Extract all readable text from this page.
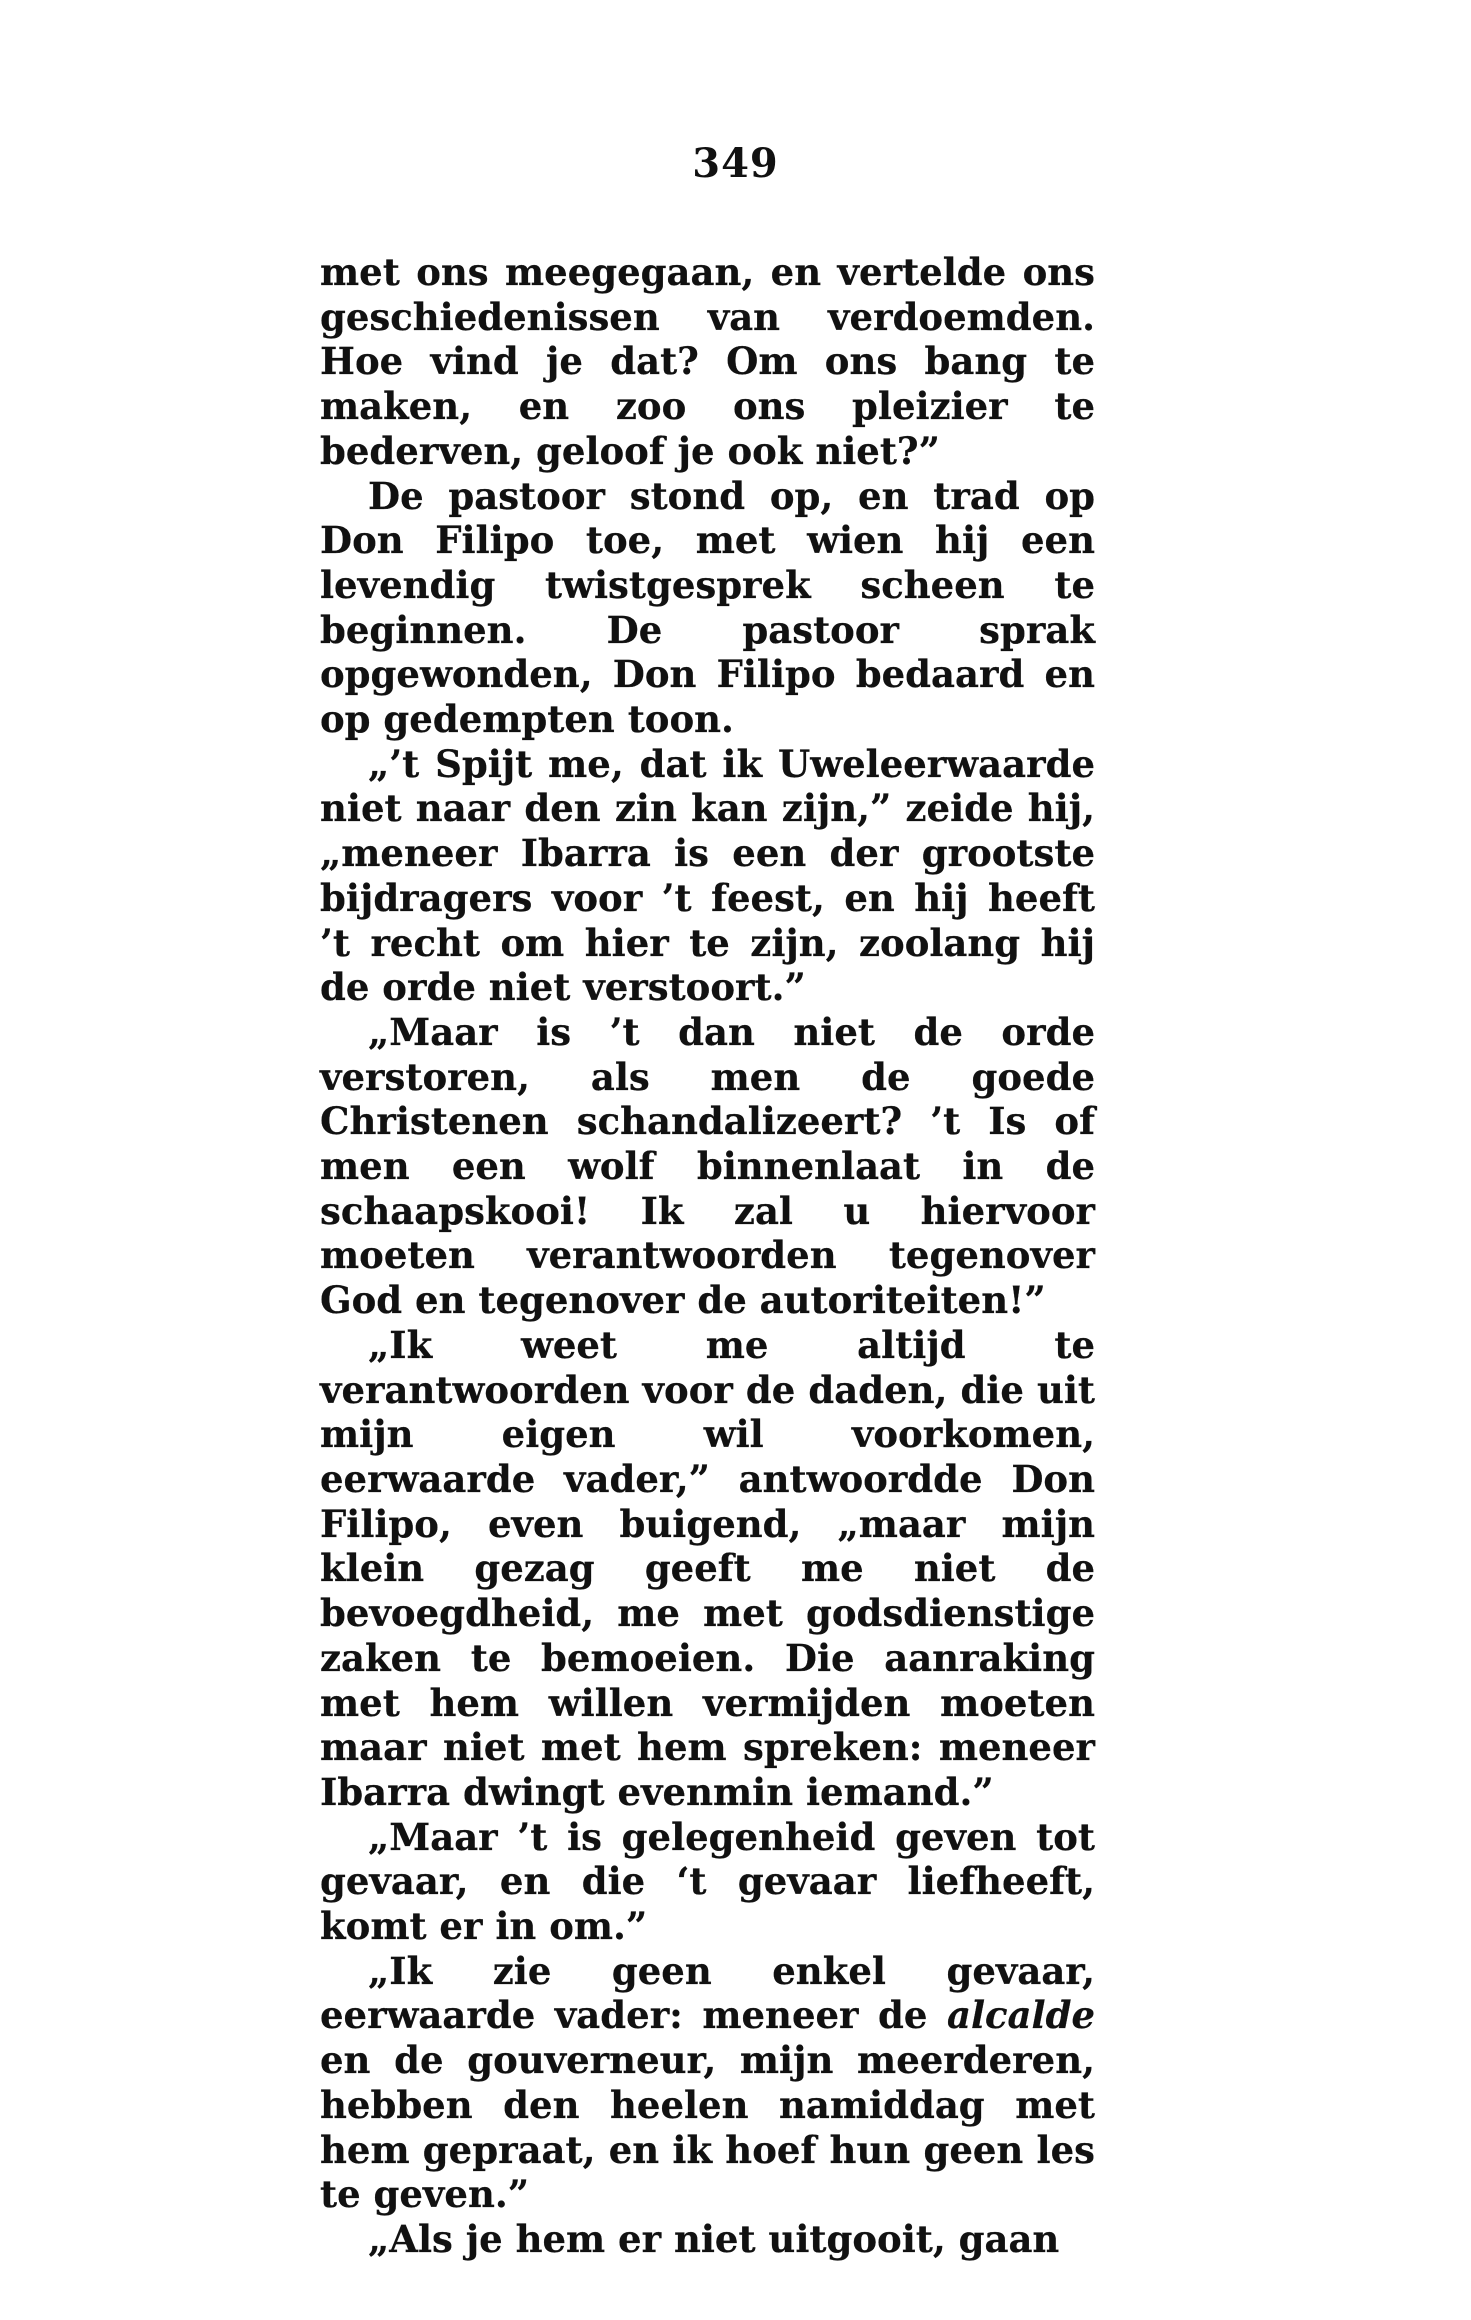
349

met ons meegegaan, en vertelde ons geschiedenissen van verdoemden. Hoe vind je dat? Om ons bang te maken, en zoo ons pleizier te bederven, geloof je ook niet?”

De pastoor stond op, en trad op Don Filipo toe, met wien hij een levendig twistgesprek scheen te beginnen. De pastoor sprak opgewonden, Don Filipo bedaard en op gedempten toon.

„’t Spijt me, dat ik Uweleerwaarde niet naar den zin kan zijn,” zeide hij, „meneer Ibarra is een der grootste bijdragers voor ’t feest, en hij heeft ’t recht om hier te zijn, zoolang hij de orde niet verstoort.”

„Maar is ’t dan niet de orde verstoren, als men de goede Christenen schandalizeert? ’t Is of men een wolf binnenlaat in de schaapskooi! Ik zal u hiervoor moeten verantwoorden tegenover God en tegenover de autoriteiten!”

„Ik weet me altijd te verantwoorden voor de daden, die uit mijn eigen wil voorkomen, eerwaarde vader,” antwoordde Don Filipo, even buigend, „maar mijn klein gezag geeft me niet de bevoegdheid, me met godsdienstige zaken te bemoeien. Die aanraking met hem willen vermijden moeten maar niet met hem spreken: meneer Ibarra dwingt evenmin iemand.”

„Maar ’t is gelegenheid geven tot gevaar, en die ‘t gevaar liefheeft, komt er in om.”

„Ik zie geen enkel gevaar, eerwaarde vader: meneer de alcalde en de gouverneur, mijn meerderen, hebben den heelen namiddag met hem gepraat, en ik hoef hun geen les te geven.”

„Als je hem er niet uitgooit, gaan
